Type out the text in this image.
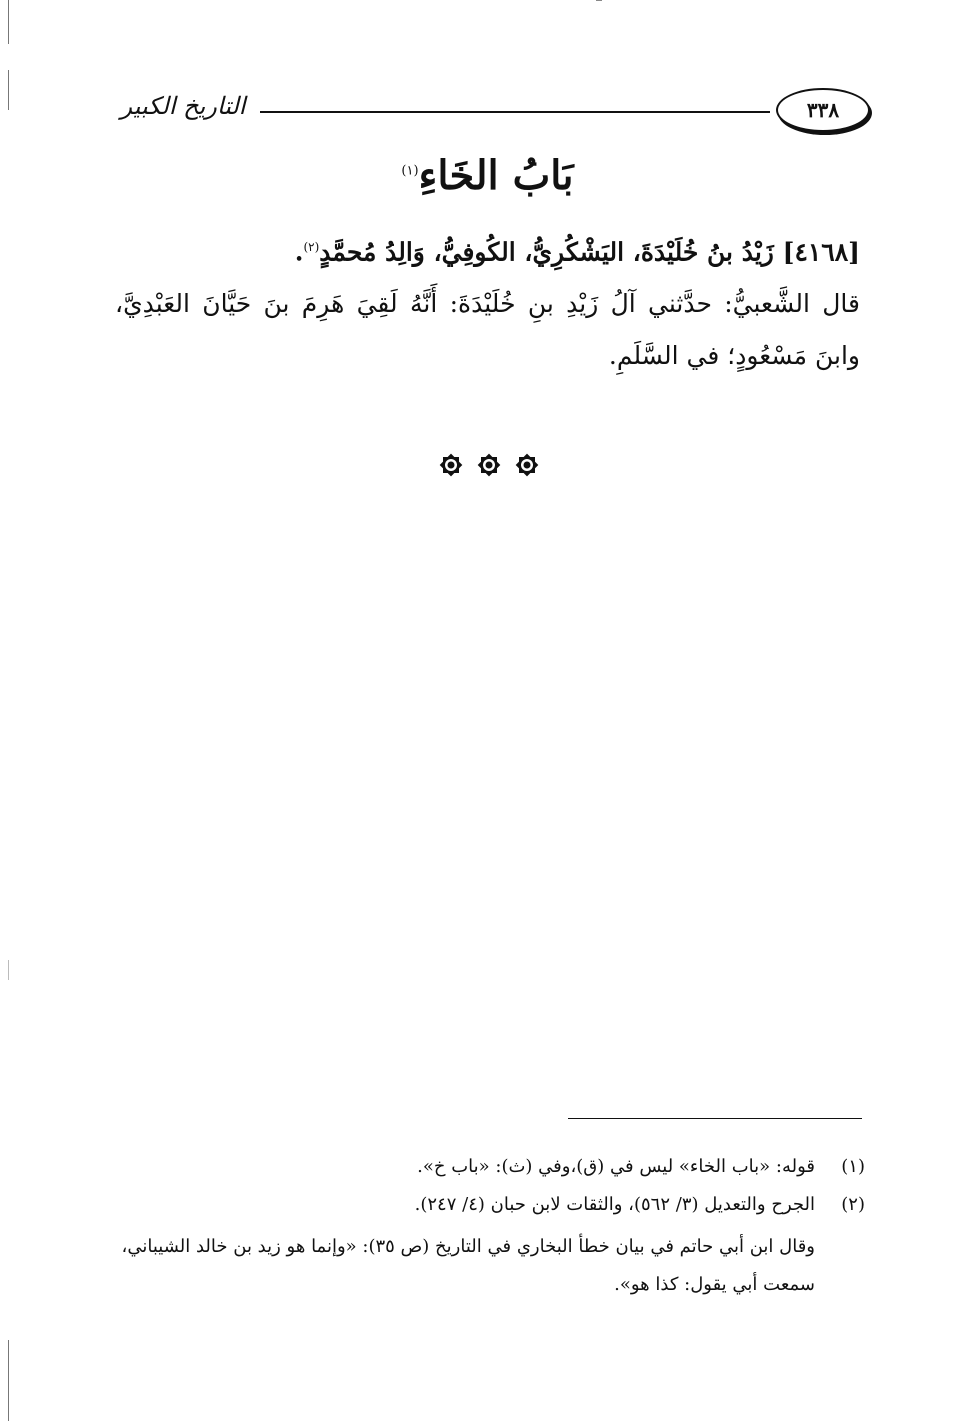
التاريخ الكبير	٣٣٨
بَابُ الخَاءِ$^{(١)}$

[٤١٦٨] زَيْدُ بنُ خُلَيْدَةَ، اليَشْكُرِيُّ، الكُوفِيُّ، وَالِدُ مُحمَّدٍ$^{(٢)}$.

قال الشَّعبيُّ: حدَّثني آلُ زَيْدِ بنِ خُلَيْدَةَ: أَنَّهُ لَقِيَ هَرِمَ بنَ حَيَّانَ العَبْدِيَّ، وابنَ مَسْعُودٍ؛ في السَّلَمِ.

(١)
قوله: «باب الخاء» ليس في (ق)،وفي (ث): «باب خ».
(٢)
الجرح والتعديل (٣/ ٥٦٢)، والثقات لابن حبان (٤/ ٢٤٧).
وقال ابن أبي حاتم في بيان خطأ البخاري في التاريخ (ص ٣٥): «وإنما هو زيد بن خالد الشيباني، سمعت أبي يقول: كذا هو».
